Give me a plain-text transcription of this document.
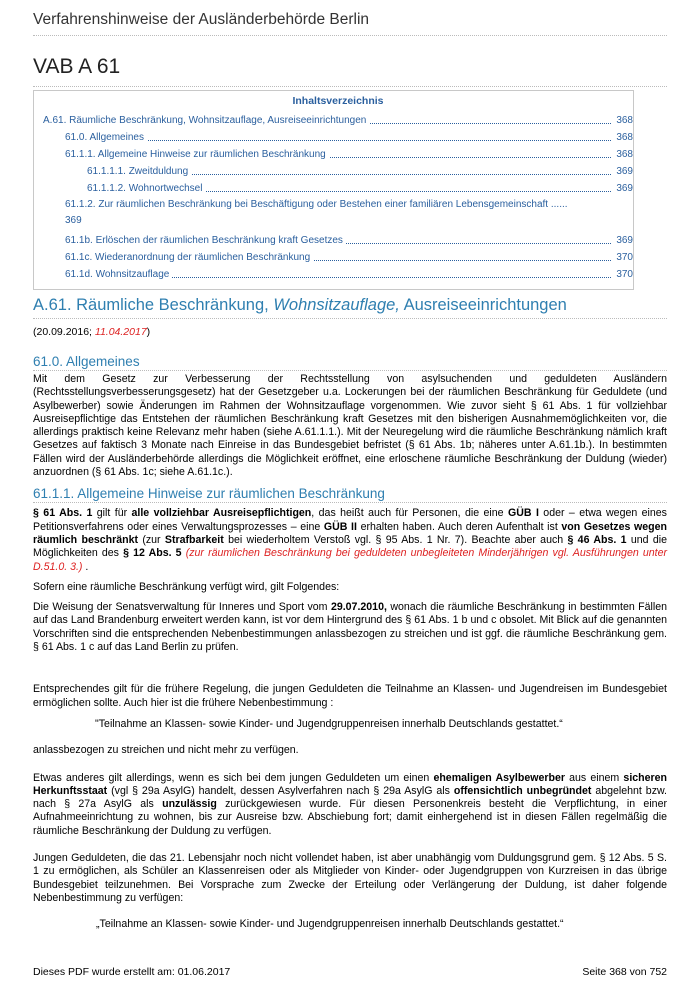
Verfahrenshinweise der Ausländerbehörde Berlin
VAB A 61
Inhaltsverzeichnis
A.61. Räumliche Beschränkung, Wohnsitzauflage, Ausreiseeinrichtungen	368
61.0. Allgemeines	368
61.1.1. Allgemeine Hinweise zur räumlichen Beschränkung	368
61.1.1.1. Zweitduldung	369
61.1.1.2. Wohnortwechsel	369
61.1.2. Zur räumlichen Beschränkung bei Beschäftigung oder Bestehen einer familiären Lebensgemeinschaft ......
369
61.1b. Erlöschen der räumlichen Beschränkung kraft Gesetzes	369
61.1c. Wiederanordnung der räumlichen Beschränkung	370
61.1d. Wohnsitzauflage	370
A.61. Räumliche Beschränkung, Wohnsitzauflage, Ausreiseeinrichtungen
(20.09.2016; 11.04.2017)
61.0. Allgemeines

Mit dem Gesetz zur Verbesserung der Rechtsstellung von asylsuchenden und geduldeten Ausländern (Rechtsstellungsverbesserungsgesetz) hat der Gesetzgeber u.a. Lockerungen bei der räumlichen Beschränkung für Geduldete (und Asylbewerber) sowie Änderungen im Rahmen der Wohnsitzauflage vorgenommen. Wie zuvor sieht § 61 Abs. 1 für vollziehbar Ausreisepflichtige das Entstehen der räumlichen Beschränkung kraft Gesetzes mit den bisherigen Ausnahmemöglichkeiten vor, die allerdings praktisch keine Relevanz mehr haben (siehe A.61.1.1.). Mit der Neuregelung wird die räumliche Beschränkung nämlich kraft Gesetzes auf faktisch 3 Monate nach Einreise in das Bundesgebiet befristet (§ 61 Abs. 1b; näheres unter A.61.1b.). In bestimmten Fällen wird der Ausländerbehörde allerdings die Möglichkeit eröffnet, eine erloschene räumliche Beschränkung der Duldung (wieder) anzuordnen (§ 61 Abs. 1c; siehe A.61.1c.).

61.1.1. Allgemeine Hinweise zur räumlichen Beschränkung

§ 61 Abs. 1 gilt für alle vollziehbar Ausreisepflichtigen, das heißt auch für Personen, die eine GÜB I oder – etwa wegen eines Petitionsverfahrens oder eines Verwaltungsprozesses – eine GÜB II erhalten haben. Auch deren Aufenthalt ist von Gesetzes wegen räumlich beschränkt (zur Strafbarkeit bei wiederholtem Verstoß vgl. § 95 Abs. 1 Nr. 7). Beachte aber auch § 46 Abs. 1 und die Möglichkeiten des § 12 Abs. 5 (zur räumlichen Beschränkung bei geduldeten unbegleiteten Minderjährigen vgl. Ausführungen unter D.51.0. 3.) .

Sofern eine räumliche Beschränkung verfügt wird, gilt Folgendes:

Die Weisung der Senatsverwaltung für Inneres und Sport vom 29.07.2010, wonach die räumliche Beschränkung in bestimmten Fällen auf das Land Brandenburg erweitert werden kann, ist vor dem Hintergrund des § 61 Abs. 1 b und c obsolet. Mit Blick auf die genannten Vorschriften sind die entsprechenden Nebenbestimmungen anlassbezogen zu streichen und ist ggf. die räumliche Beschränkung gem. § 61 Abs. 1 c auf das Land Berlin zu prüfen.

Entsprechendes gilt für die frühere Regelung, die jungen Geduldeten die Teilnahme an Klassen- und Jugendreisen im Bundesgebiet ermöglichen sollte. Auch hier ist die frühere Nebenbestimmung :

"Teilnahme an Klassen- sowie Kinder- und Jugendgruppenreisen innerhalb Deutschlands gestattet.“

anlassbezogen zu streichen und nicht mehr zu verfügen.

Etwas anderes gilt allerdings, wenn es sich bei dem jungen Geduldeten um einen ehemaligen Asylbewerber aus einem sicheren Herkunftsstaat (vgl § 29a AsylG) handelt, dessen Asylverfahren nach § 29a AsylG als offensichtlich unbegründet abgelehnt bzw. nach § 27a AsylG als unzulässig zurückgewiesen wurde. Für diesen Personenkreis besteht die Verpflichtung, in einer Aufnahmeeinrichtung zu wohnen, bis zur Ausreise bzw. Abschiebung fort; damit einhergehend ist in diesen Fällen regelmäßig die räumliche Beschränkung der Duldung zu verfügen.

Jungen Geduldeten, die das 21. Lebensjahr noch nicht vollendet haben, ist aber unabhängig vom Duldungsgrund gem. § 12 Abs. 5 S. 1 zu ermöglichen, als Schüler an Klassenreisen oder als Mitglieder von Kinder- oder Jugendgruppen von Kurzreisen in das übrige Bundesgebiet teilzunehmen. Bei Vorsprache zum Zwecke der Erteilung oder Verlängerung der Duldung, ist daher folgende Nebenbestimmung zu verfügen:

„Teilnahme an Klassen- sowie Kinder- und Jugendgruppenreisen innerhalb Deutschlands gestattet.“

Dieses PDF wurde erstellt am: 01.06.2017	Seite 368 von 752
